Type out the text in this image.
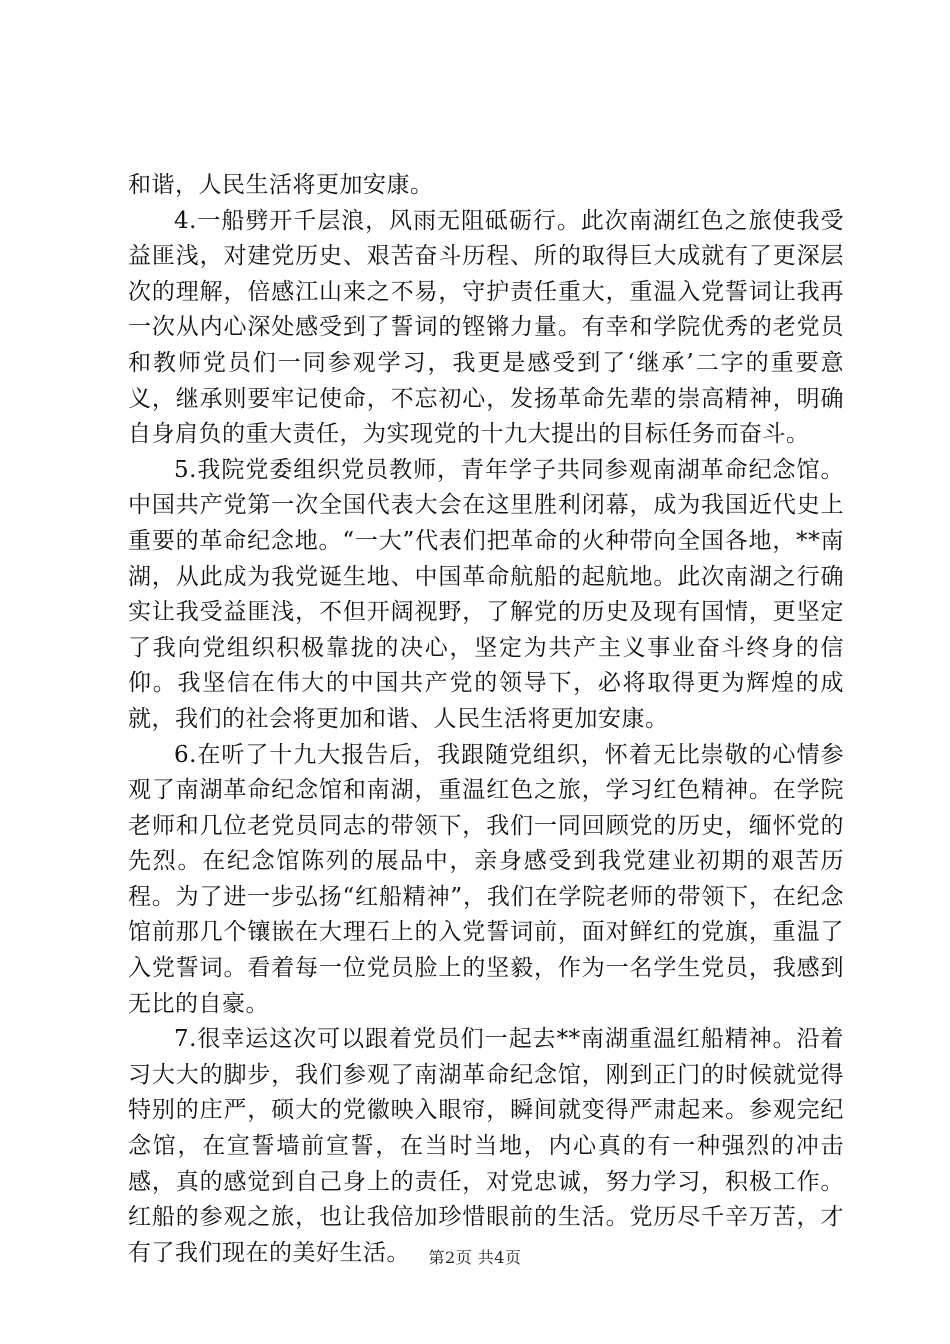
和谐，人民生活将更加安康。

4.一船劈开千层浪，风雨无阻砥砺行。此次南湖红色之旅使我受益匪浅，对建党历史、艰苦奋斗历程、所的取得巨大成就有了更深层次的理解，倍感江山来之不易，守护责任重大，重温入党誓词让我再一次从内心深处感受到了誓词的铿锵力量。有幸和学院优秀的老党员和教师党员们一同参观学习，我更是感受到了‘继承’二字的重要意义，继承则要牢记使命，不忘初心，发扬革命先辈的崇高精神，明确自身肩负的重大责任，为实现党的十九大提出的目标任务而奋斗。

5.我院党委组织党员教师，青年学子共同参观南湖革命纪念馆。中国共产党第一次全国代表大会在这里胜利闭幕，成为我国近代史上重要的革命纪念地。“一大”代表们把革命的火种带向全国各地，**南湖，从此成为我党诞生地、中国革命航船的起航地。此次南湖之行确实让我受益匪浅，不但开阔视野，了解党的历史及现有国情，更坚定了我向党组织积极靠拢的决心，坚定为共产主义事业奋斗终身的信仰。我坚信在伟大的中国共产党的领导下，必将取得更为辉煌的成就，我们的社会将更加和谐、人民生活将更加安康。

6.在听了十九大报告后，我跟随党组织，怀着无比崇敬的心情参观了南湖革命纪念馆和南湖，重温红色之旅，学习红色精神。在学院老师和几位老党员同志的带领下，我们一同回顾党的历史，缅怀党的先烈。在纪念馆陈列的展品中，亲身感受到我党建业初期的艰苦历程。为了进一步弘扬“红船精神”，我们在学院老师的带领下，在纪念馆前那几个镶嵌在大理石上的入党誓词前，面对鲜红的党旗，重温了入党誓词。看着每一位党员脸上的坚毅，作为一名学生党员，我感到无比的自豪。

7.很幸运这次可以跟着党员们一起去**南湖重温红船精神。沿着习大大的脚步，我们参观了南湖革命纪念馆，刚到正门的时候就觉得特别的庄严，硕大的党徽映入眼帘，瞬间就变得严肃起来。参观完纪念馆，在宣誓墙前宣誓，在当时当地，内心真的有一种强烈的冲击感，真的感觉到自己身上的责任，对党忠诚，努力学习，积极工作。红船的参观之旅，也让我倍加珍惜眼前的生活。党历尽千辛万苦，才有了我们现在的美好生活。	第2页 共4页
